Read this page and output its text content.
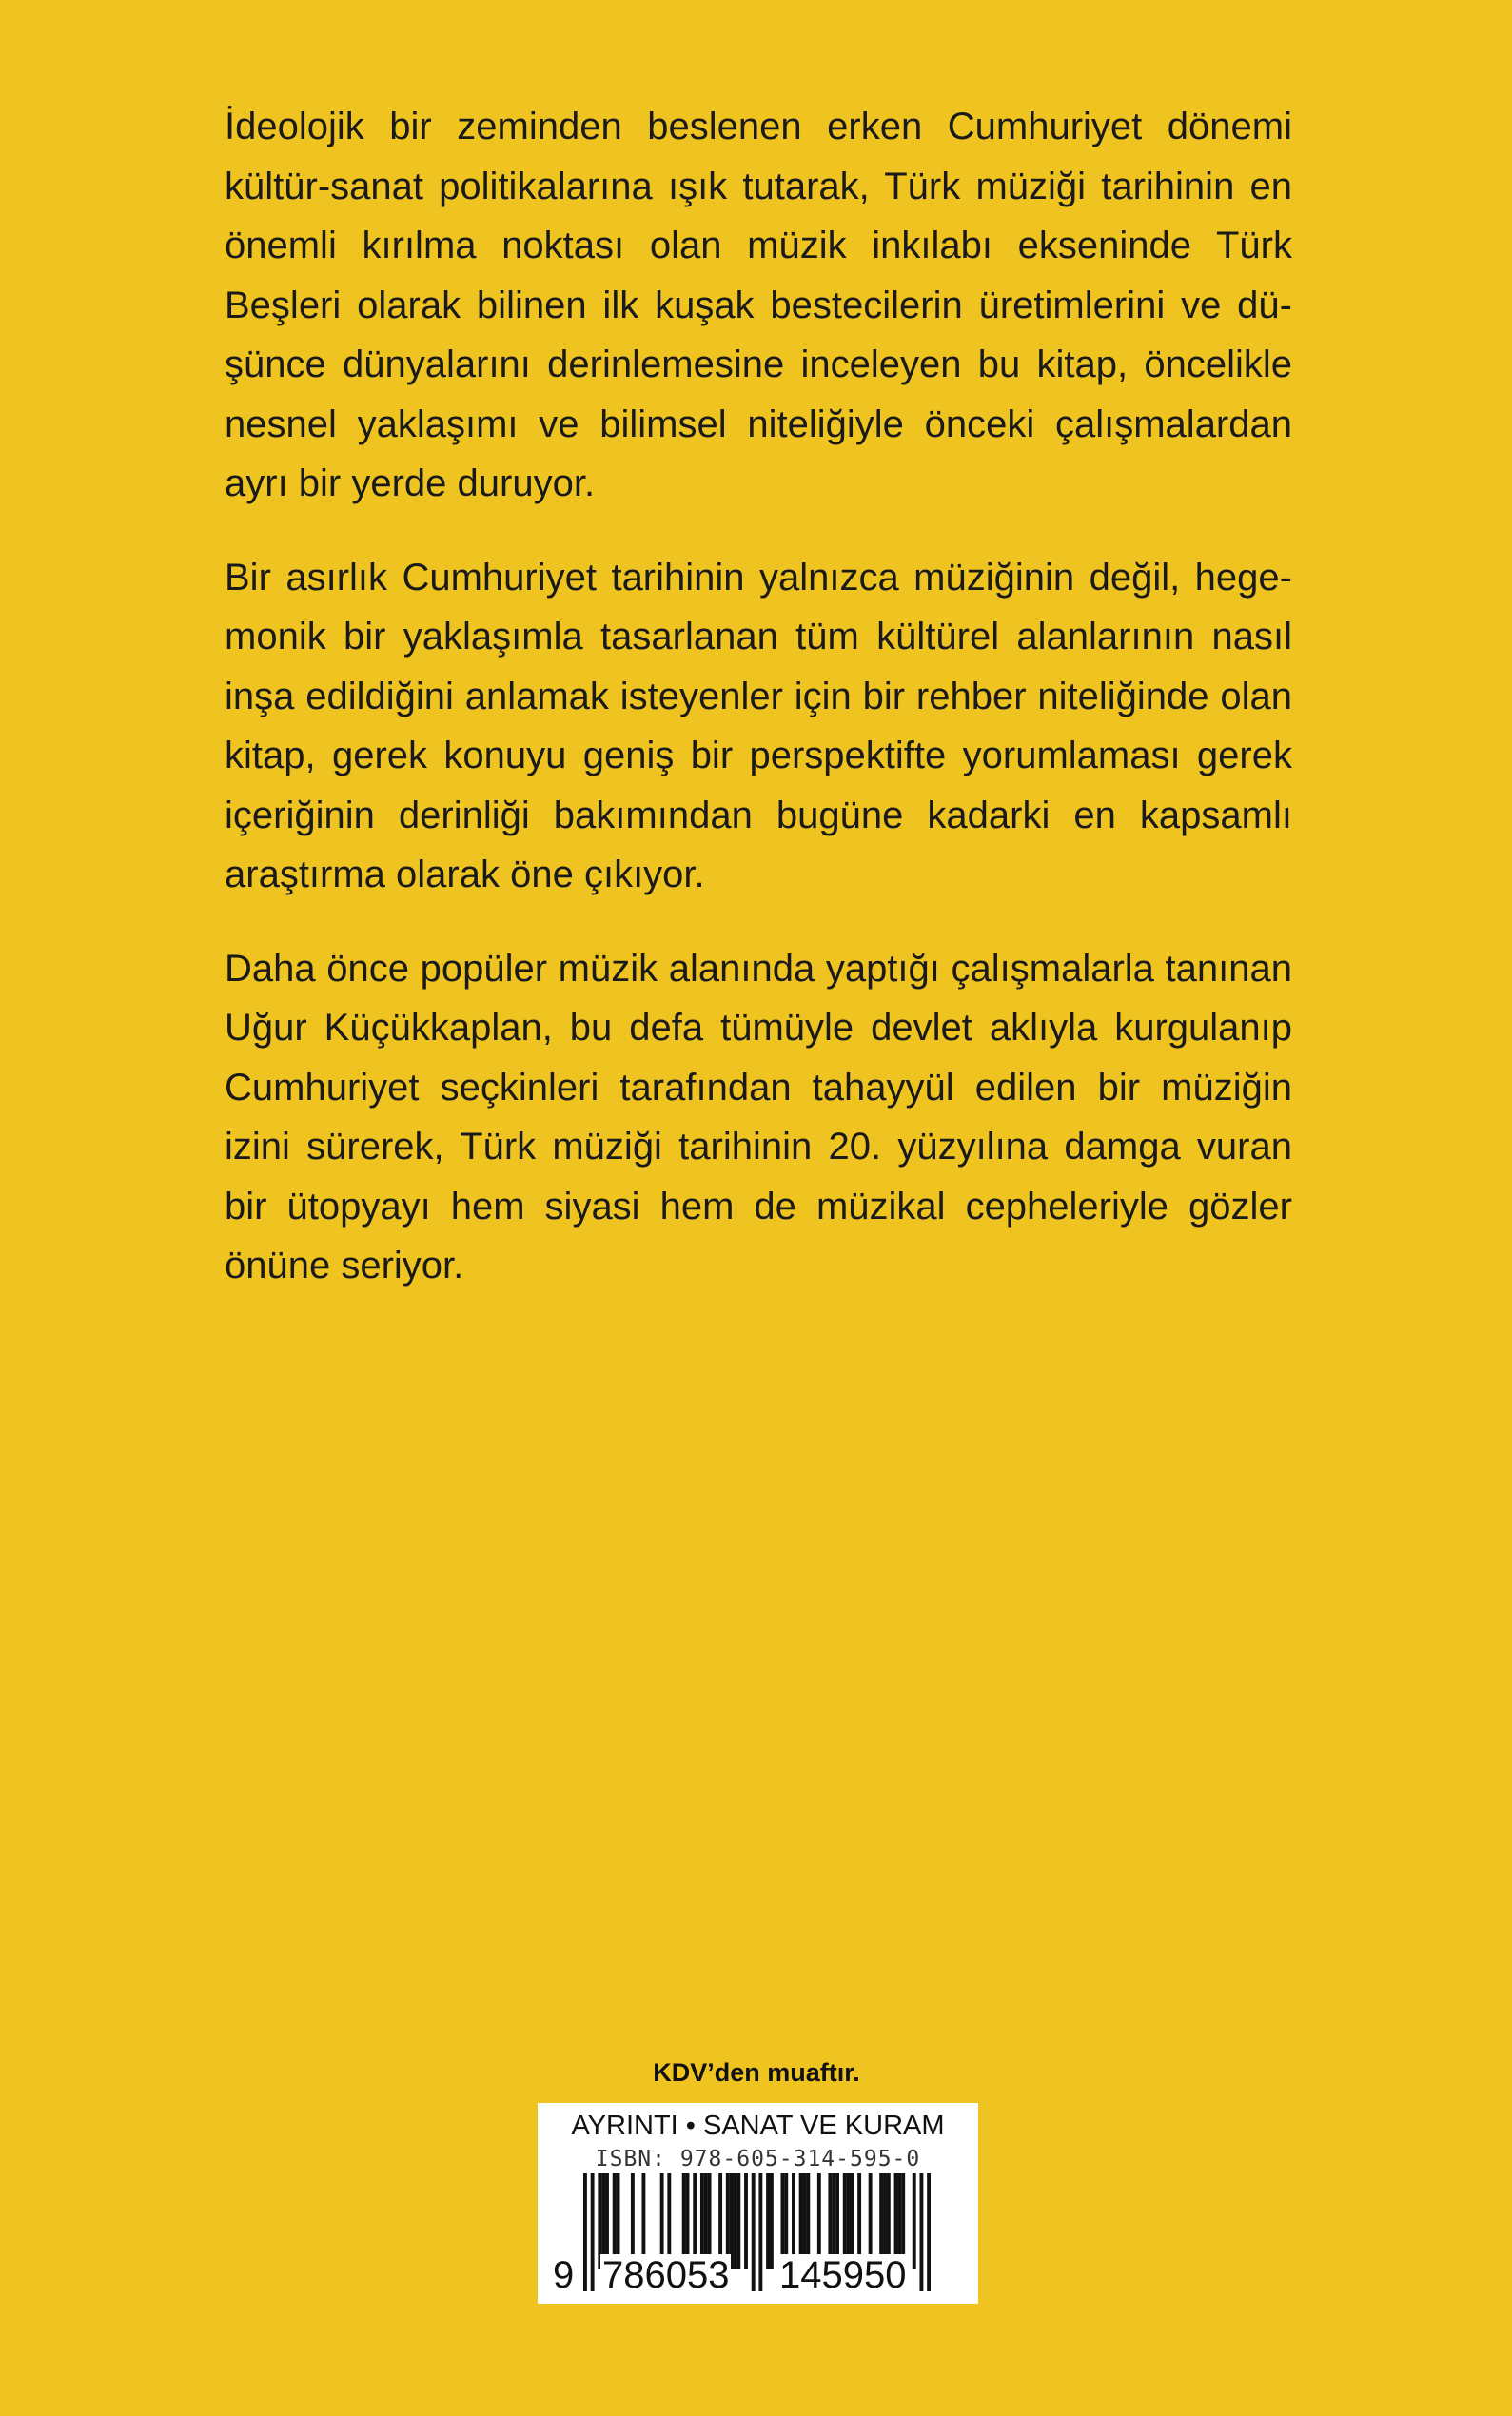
İdeolojik bir zeminden beslenen erken Cumhuriyet dönemi kültür-sanat politikalarına ışık tutarak, Türk müziği tarihinin en önemli kırılma noktası olan müzik inkılabı ekseninde Türk Beşleri olarak bilinen ilk kuşak bestecilerin üretimlerini ve düşünce dünyalarını derinlemesine inceleyen bu kitap, öncelikle nesnel yaklaşımı ve bilimsel niteliğiyle önceki çalışmalardan ayrı bir yerde duruyor.

Bir asırlık Cumhuriyet tarihinin yalnızca müziğinin değil, hegemonik bir yaklaşımla tasarlanan tüm kültürel alanlarının nasıl inşa edildiğini anlamak isteyenler için bir rehber niteliğinde olan kitap, gerek konuyu geniş bir perspektifte yorumlaması gerek içeriğinin derinliği bakımından bugüne kadarki en kapsamlı araştırma olarak öne çıkıyor.

Daha önce popüler müzik alanında yaptığı çalışmalarla tanınan Uğur Küçükkaplan, bu defa tümüyle devlet aklıyla kurgulanıp Cumhuriyet seçkinleri tarafından tahayyül edilen bir müziğin izini sürerek, Türk müziği tarihinin 20. yüzyılına damga vuran bir ütopyayı hem siyasi hem de müzikal cepheleriyle gözler önüne seriyor.

KDV’den muaftır.
AYRINTI • SANAT VE KURAM
ISBN: 978-605-314-595-0
9 786053 145950
